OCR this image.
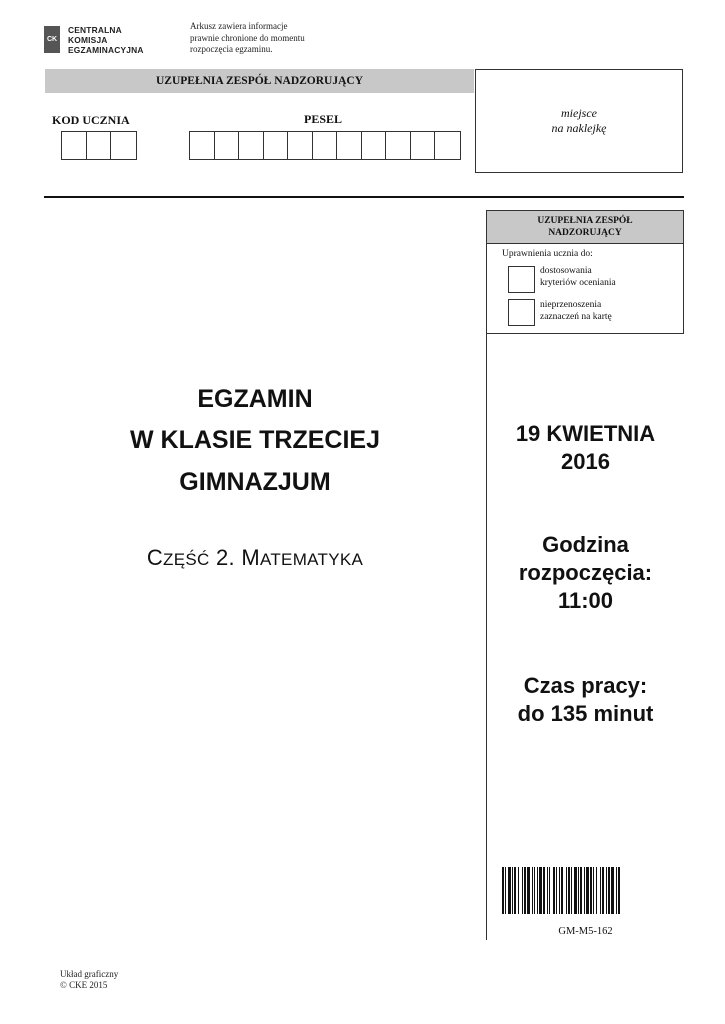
CK
CENTRALNA
KOMISJA
EGZAMINACYJNA
Arkusz zawiera informacje
prawnie chronione do momentu
rozpoczęcia egzaminu.
UZUPEŁNIA ZESPÓŁ NADZORUJĄCY
KOD UCZNIA	PESEL	miejsce
na naklejkę
UZUPEŁNIA ZESPÓŁ
NADZORUJĄCY
Uprawnienia ucznia do:
dostosowania
kryteriów oceniania
nieprzenoszenia
zaznaczeń na kartę
EGZAMIN
W KLASIE TRZECIEJ
GIMNAZJUM
CZĘŚĆ 2. MATEMATYKA
19 KWIETNIA
2016
Godzina
rozpoczęcia:
11:00
Czas pracy:
do 135 minut
GM-M5-162
Układ graficzny
© CKE 2015
